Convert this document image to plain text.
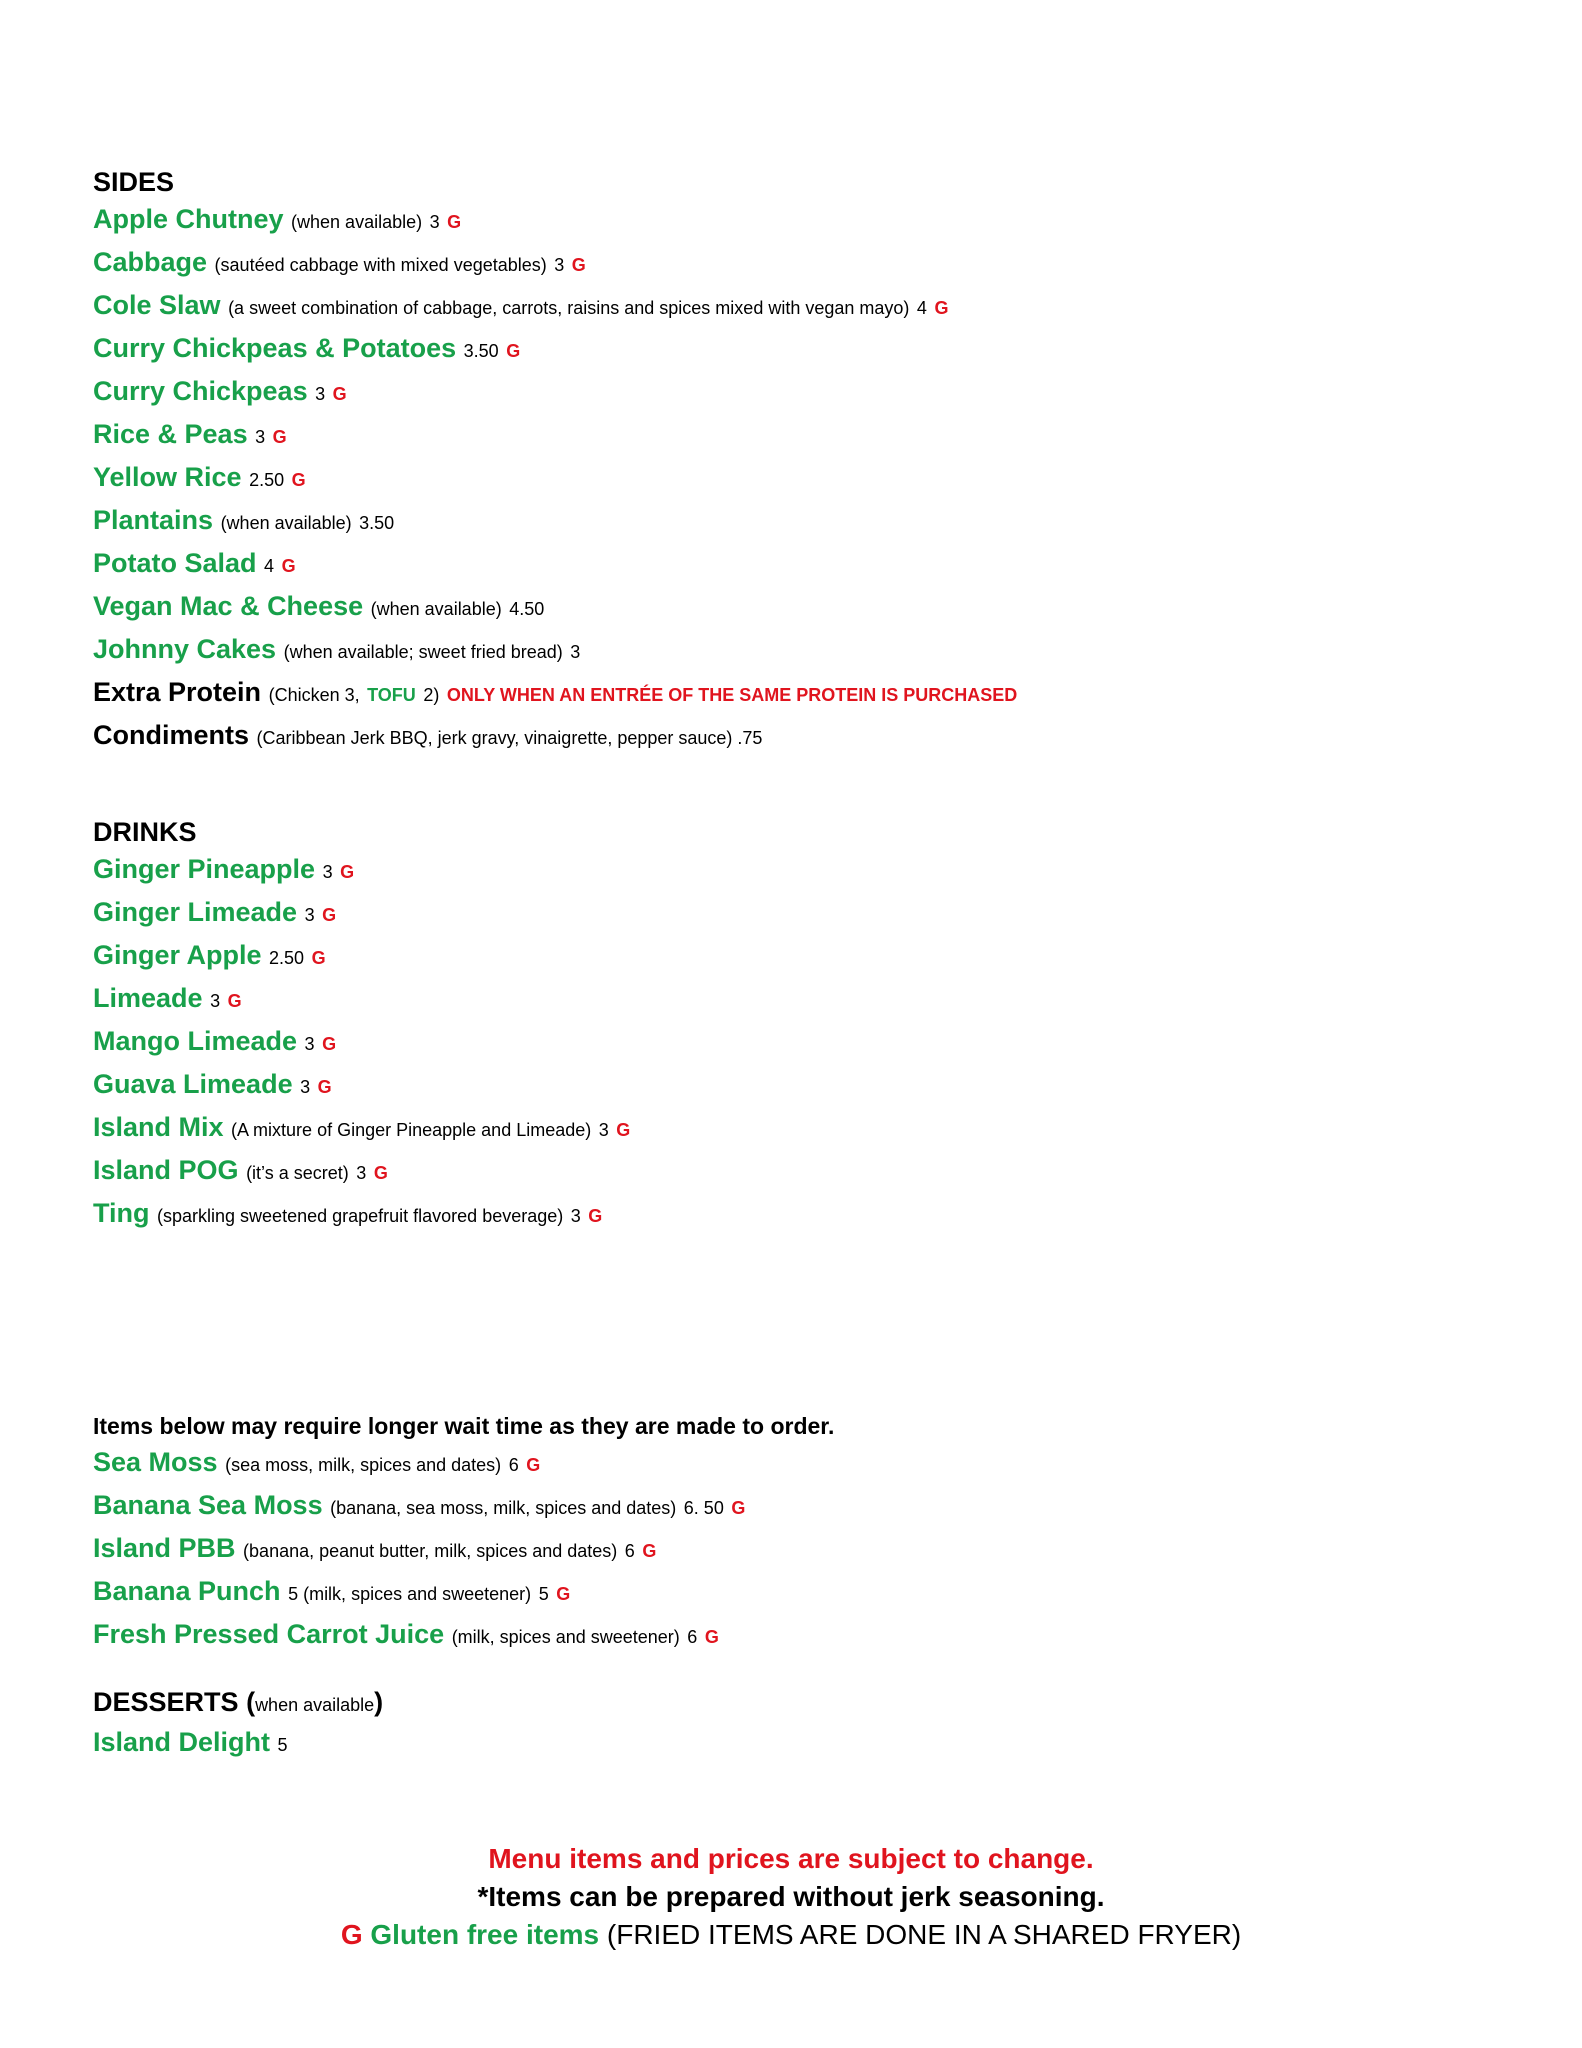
SIDES

Apple Chutney (when available) 3 G
Cabbage (sautéed cabbage with mixed vegetables) 3 G
Cole Slaw (a sweet combination of cabbage, carrots, raisins and spices mixed with vegan mayo) 4 G
Curry Chickpeas & Potatoes 3.50 G
Curry Chickpeas 3 G
Rice & Peas 3 G
Yellow Rice 2.50 G
Plantains (when available) 3.50
Potato Salad 4 G
Vegan Mac & Cheese (when available) 4.50
Johnny Cakes (when available; sweet fried bread) 3
Extra Protein (Chicken 3, TOFU 2) ONLY WHEN AN ENTRÉE OF THE SAME PROTEIN IS PURCHASED
Condiments (Caribbean Jerk BBQ, jerk gravy, vinaigrette, pepper sauce) .75

DRINKS

Ginger Pineapple 3 G
Ginger Limeade 3 G
Ginger Apple 2.50 G
Limeade 3 G
Mango Limeade 3 G
Guava Limeade 3 G
Island Mix (A mixture of Ginger Pineapple and Limeade) 3 G
Island POG (it’s a secret) 3 G
Ting (sparkling sweetened grapefruit flavored beverage) 3 G

Items below may require longer wait time as they are made to order.

Sea Moss (sea moss, milk, spices and dates) 6 G
Banana Sea Moss (banana, sea moss, milk, spices and dates) 6. 50 G
Island PBB (banana, peanut butter, milk, spices and dates) 6 G
Banana Punch 5 (milk, spices and sweetener) 5 G
Fresh Pressed Carrot Juice (milk, spices and sweetener) 6 G

DESSERTS (when available)

Island Delight 5
Menu items and prices are subject to change.
*Items can be prepared without jerk seasoning.
G Gluten free items (FRIED ITEMS ARE DONE IN A SHARED FRYER)
